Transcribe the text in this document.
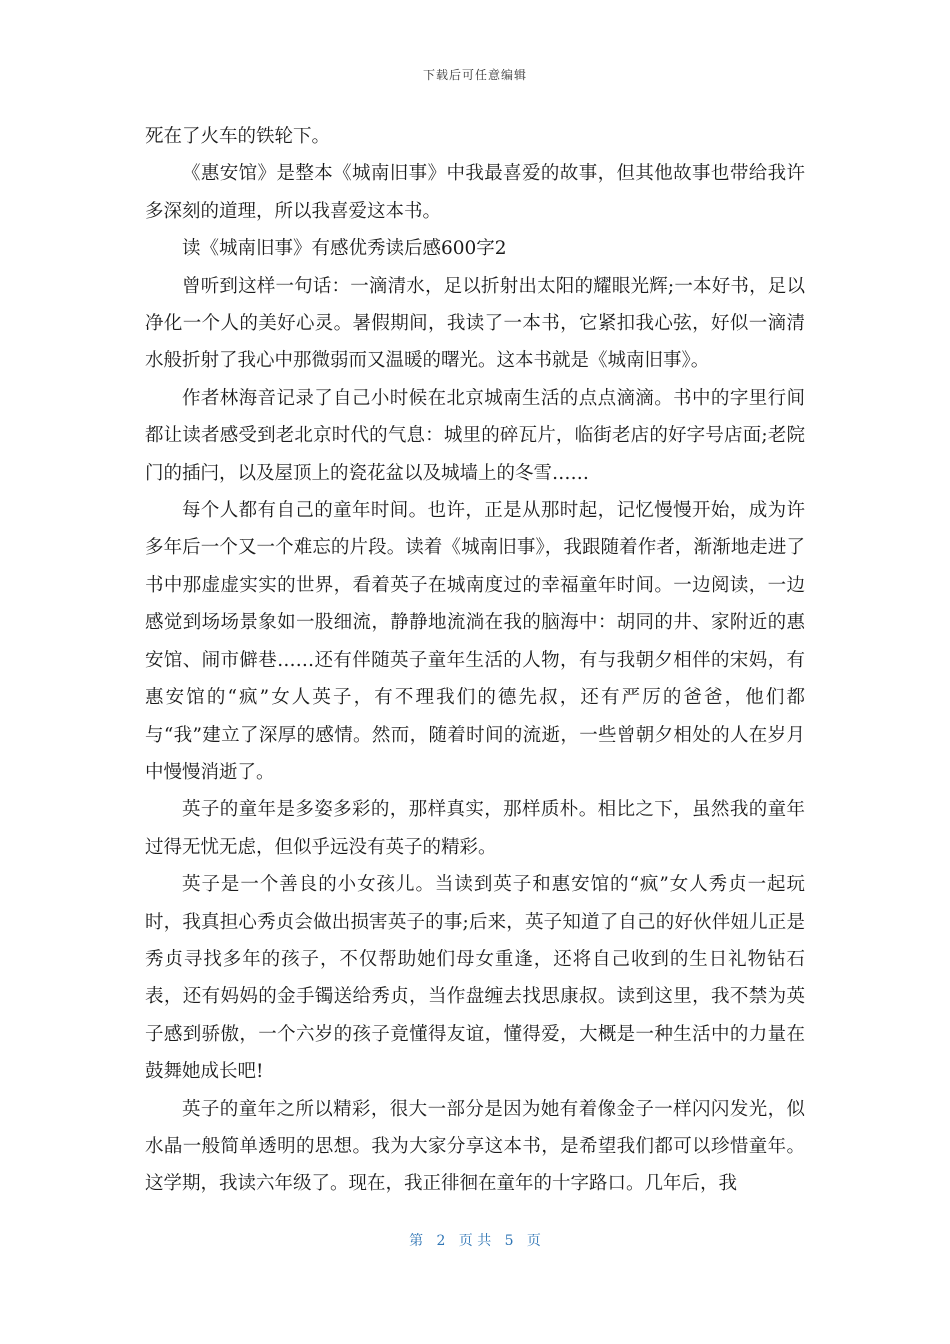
下载后可任意编辑

死在了火车的铁轮下。

《惠安馆》是整本《城南旧事》中我最喜爱的故事，但其他故事也带给我许多深刻的道理，所以我喜爱这本书。

读《城南旧事》有感优秀读后感600字2

曾听到这样一句话：一滴清水，足以折射出太阳的耀眼光辉;一本好书，足以净化一个人的美好心灵。暑假期间，我读了一本书，它紧扣我心弦，好似一滴清水般折射了我心中那微弱而又温暖的曙光。这本书就是《城南旧事》。

作者林海音记录了自己小时候在北京城南生活的点点滴滴。书中的字里行间都让读者感受到老北京时代的气息：城里的碎瓦片，临街老店的好字号店面;老院门的插闩，以及屋顶上的瓷花盆以及城墙上的冬雪……

每个人都有自己的童年时间。也许，正是从那时起，记忆慢慢开始，成为许多年后一个又一个难忘的片段。读着《城南旧事》，我跟随着作者，渐渐地走进了书中那虚虚实实的世界，看着英子在城南度过的幸福童年时间。一边阅读，一边感觉到场场景象如一股细流，静静地流淌在我的脑海中：胡同的井、家附近的惠安馆、闹市僻巷……还有伴随英子童年生活的人物，有与我朝夕相伴的宋妈，有惠安馆的“疯”女人英子，有不理我们的德先叔，还有严厉的爸爸，他们都与“我”建立了深厚的感情。然而，随着时间的流逝，一些曾朝夕相处的人在岁月中慢慢消逝了。

英子的童年是多姿多彩的，那样真实，那样质朴。相比之下，虽然我的童年过得无忧无虑，但似乎远没有英子的精彩。

英子是一个善良的小女孩儿。当读到英子和惠安馆的“疯”女人秀贞一起玩时，我真担心秀贞会做出损害英子的事;后来，英子知道了自己的好伙伴妞儿正是秀贞寻找多年的孩子，不仅帮助她们母女重逢，还将自己收到的生日礼物钻石表，还有妈妈的金手镯送给秀贞，当作盘缠去找思康叔。读到这里，我不禁为英子感到骄傲，一个六岁的孩子竟懂得友谊，懂得爱，大概是一种生活中的力量在鼓舞她成长吧!

英子的童年之所以精彩，很大一部分是因为她有着像金子一样闪闪发光，似水晶一般简单透明的思想。我为大家分享这本书，是希望我们都可以珍惜童年。这学期，我读六年级了。现在，我正徘徊在童年的十字路口。几年后，我

第 2 页 共 5 页
